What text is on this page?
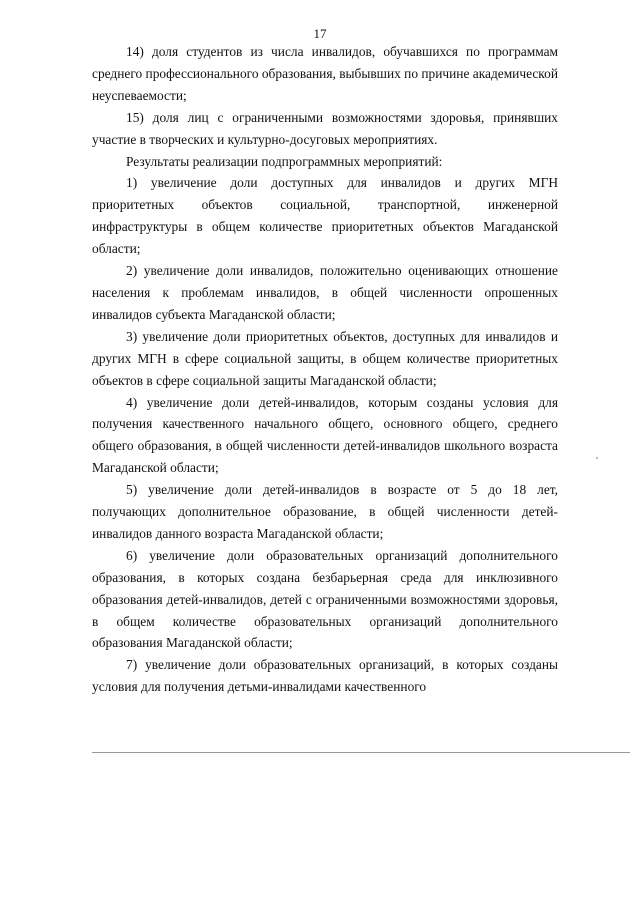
17

14) доля студентов из числа инвалидов, обучавшихся по программам среднего профессионального образования, выбывших по причине академической неуспеваемости;

15) доля лиц с ограниченными возможностями здоровья, принявших участие в творческих и культурно-досуговых мероприятиях.

Результаты реализации подпрограммных мероприятий:

1) увеличение доли доступных для инвалидов и других МГН приоритетных объектов социальной, транспортной, инженерной инфраструктуры в общем количестве приоритетных объектов Магаданской области;

2) увеличение доли инвалидов, положительно оценивающих отношение населения к проблемам инвалидов, в общей численности опрошенных инвалидов субъекта Магаданской области;

3) увеличение доли приоритетных объектов, доступных для инвалидов и других МГН в сфере социальной защиты, в общем количестве приоритетных объектов в сфере социальной защиты Магаданской области;

4) увеличение доли детей-инвалидов, которым созданы условия для получения качественного начального общего, основного общего, среднего общего образования, в общей численности детей-инвалидов школьного возраста Магаданской области;

5) увеличение доли детей-инвалидов в возрасте от 5 до 18 лет, получающих дополнительное образование, в общей численности детей-инвалидов данного возраста Магаданской области;

6) увеличение доли образовательных организаций дополнительного образования, в которых создана безбарьерная среда для инклюзивного образования детей-инвалидов, детей с ограниченными возможностями здоровья, в общем количестве образовательных организаций дополнительного образования Магаданской области;

7) увеличение доли образовательных организаций, в которых созданы условия для получения детьми-инвалидами качественного
